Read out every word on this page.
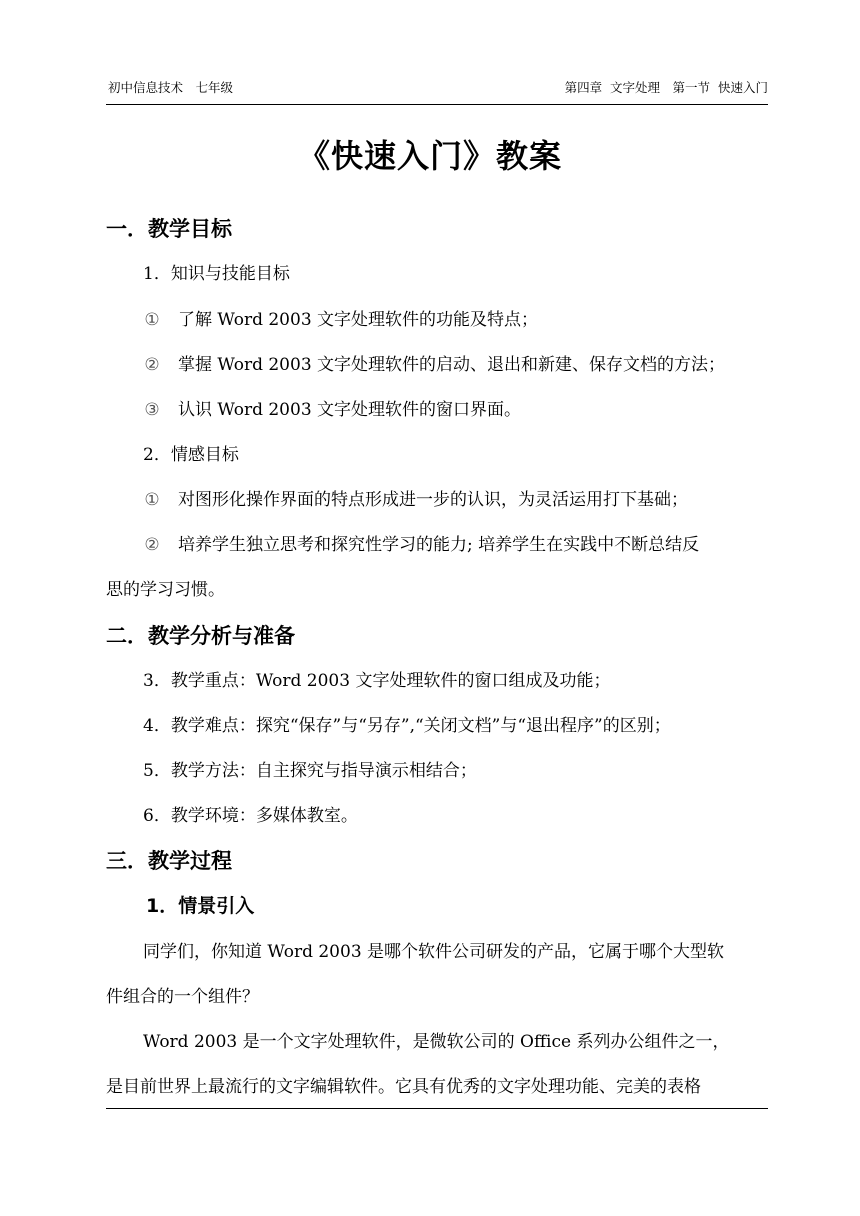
初中信息技术　七年级	第四章  文字处理　第一节  快速入门
《快速入门》教案
一．教学目标
1．知识与技能目标
① 了解 Word 2003 文字处理软件的功能及特点；
② 掌握 Word 2003 文字处理软件的启动、退出和新建、保存文档的方法；
③ 认识 Word 2003 文字处理软件的窗口界面。
2．情感目标
① 对图形化操作界面的特点形成进一步的认识，为灵活运用打下基础；
② 培养学生独立思考和探究性学习的能力; 培养学生在实践中不断总结反
思的学习习惯。
二．教学分析与准备
3．教学重点：Word 2003 文字处理软件的窗口组成及功能；
4．教学难点：探究“保存”与“另存”,“关闭文档”与“退出程序”的区别；
5．教学方法：自主探究与指导演示相结合；
6．教学环境：多媒体教室。
三．教学过程
1．情景引入
同学们，你知道 Word 2003 是哪个软件公司研发的产品，它属于哪个大型软
件组合的一个组件？
Word 2003 是一个文字处理软件，是微软公司的 Office 系列办公组件之一，
是目前世界上最流行的文字编辑软件。它具有优秀的文字处理功能、完美的表格
